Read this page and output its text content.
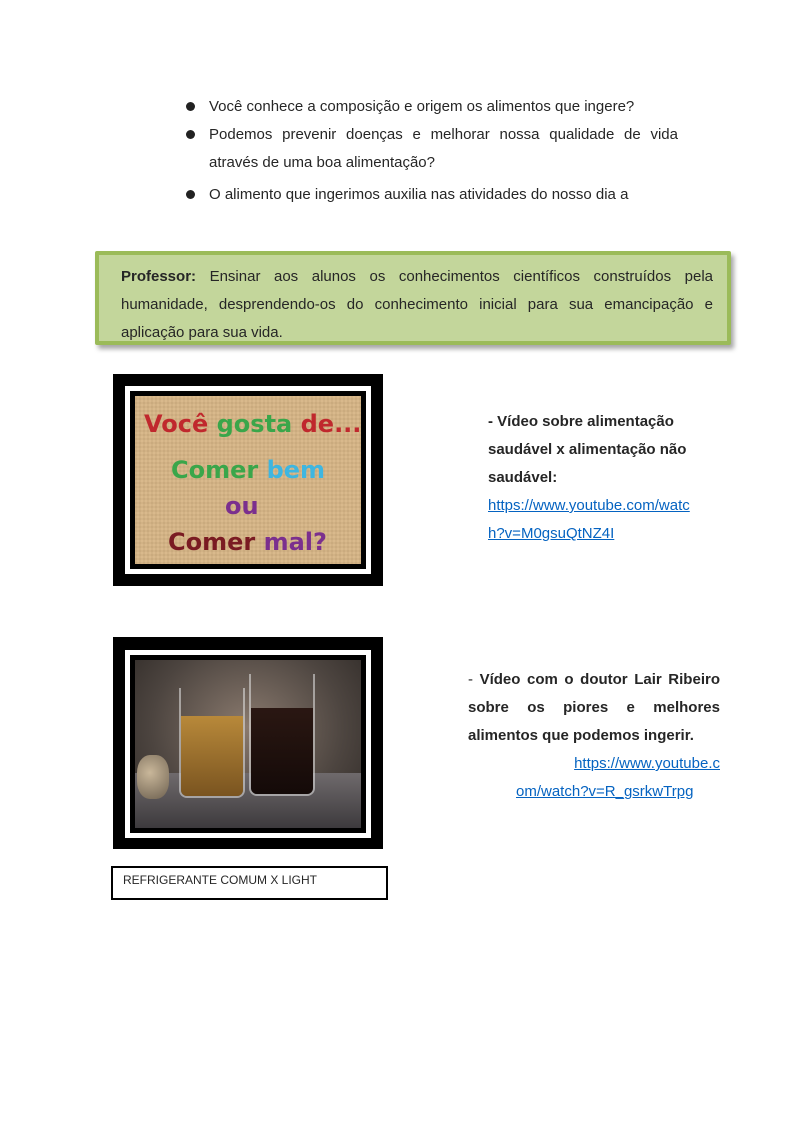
Você conhece a composição e origem os alimentos que ingere?
Podemos prevenir doenças e melhorar nossa qualidade de vida através de uma boa alimentação?
O alimento que ingerimos auxilia nas atividades do nosso dia a
Professor: Ensinar aos alunos os conhecimentos científicos construídos pela humanidade, desprendendo-os do conhecimento inicial para sua emancipação e aplicação para sua vida.
Você gosta de...
Comer bem
ou
Comer mal?
- Vídeo sobre alimentação saudável x alimentação não saudável:
https://www.youtube.com/watch?v=M0gsuQtNZ4I
- Vídeo com o doutor Lair Ribeiro sobre os piores e melhores alimentos que podemos ingerir.

https://www.youtube.c
om/watch?v=R_gsrkwTrpg
REFRIGERANTE COMUM X LIGHT
